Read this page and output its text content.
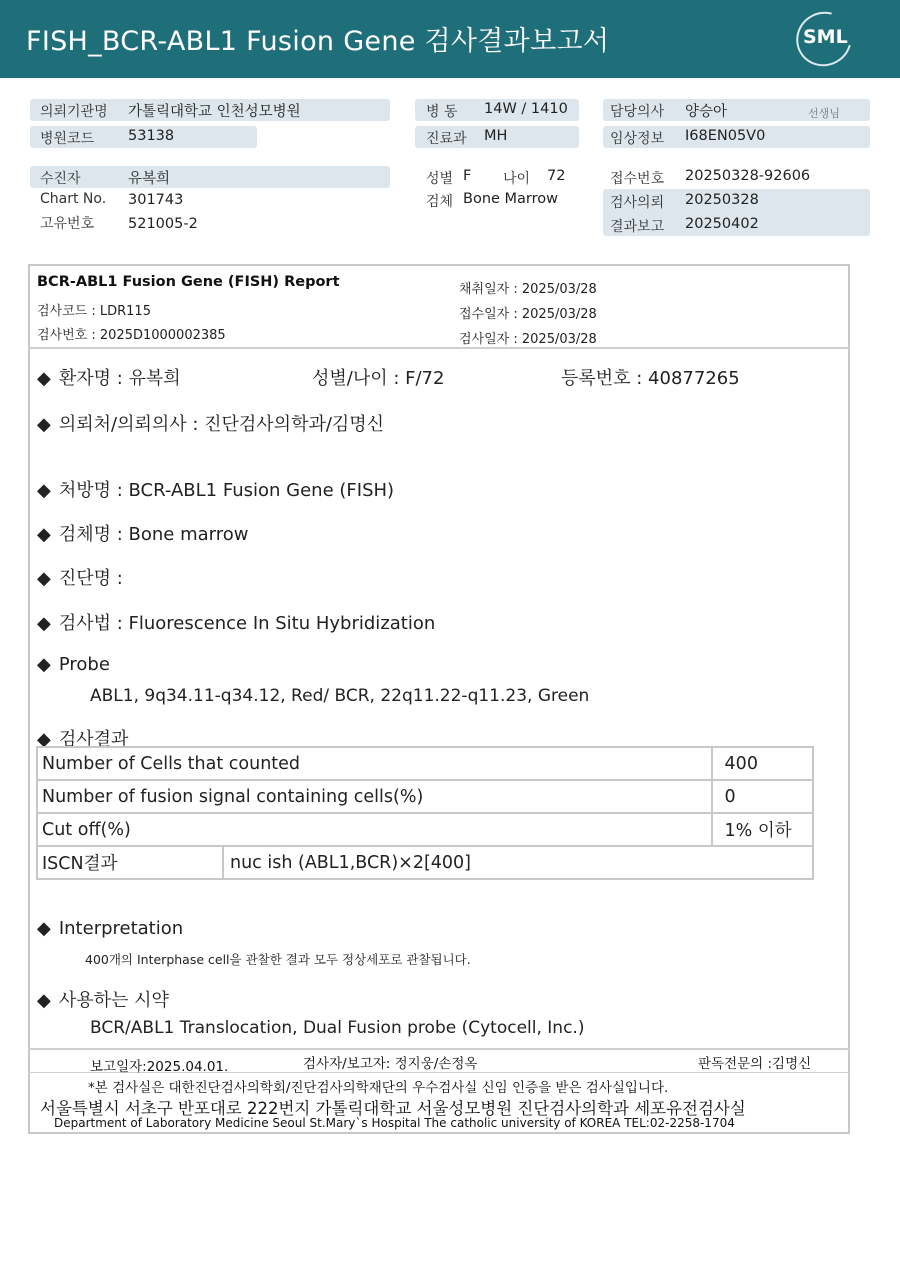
FISH_BCR-ABL1 Fusion Gene 검사결과보고서	SML
의뢰기관명 가톨릭대학교 인천성모병원
병원코드 53138
병 동 14W / 1410
진료과 MH
담당의사 양승아	선생님
임상정보 I68EN05V0
수진자	유복희
Chart No. 301743
고유번호 521005-2
성별 F 나이 72
검체 Bone Marrow
접수번호 20250328-92606
검사의뢰 20250328
결과보고 20250402
BCR-ABL1 Fusion Gene (FISH) Report
검사코드 : LDR115
검사번호 : 2025D1000002385
채취일자 : 2025/03/28
접수일자 : 2025/03/28
검사일자 : 2025/03/28
◆ 환자명 : 유복희	성별/나이 : F/72	등록번호 : 40877265
◆ 의뢰처/의뢰의사 : 진단검사의학과/김명신
◆ 처방명 : BCR-ABL1 Fusion Gene (FISH)
◆ 검체명 : Bone marrow
◆ 진단명 :
◆ 검사법 : Fluorescence In Situ Hybridization
◆ Probe
ABL1, 9q34.11-q34.12, Red/ BCR, 22q11.22-q11.23, Green
◆ 검사결과
Number of Cells that counted		400
Number of fusion signal containing cells(%)		0
Cut off(%)		1% 이하
ISCN결과	nuc ish (ABL1,BCR)×2[400]	
◆ Interpretation
400개의 Interphase cell을 관찰한 결과 모두 정상세포로 관찰됩니다.
◆ 사용하는 시약
BCR/ABL1 Translocation, Dual Fusion probe (Cytocell, Inc.)
보고일자:2025.04.01.	검사자/보고자: 정지웅/손정옥	판독전문의 :김명신
*본 검사실은 대한진단검사의학회/진단검사의학재단의 우수검사실 신임 인증을 받은 검사실입니다.
서울특별시 서초구 반포대로 222번지 가톨릭대학교 서울성모병원 진단검사의학과 세포유전검사실
Department of Laboratory Medicine Seoul St.Mary`s Hospital The catholic university of KOREA TEL:02-2258-1704
